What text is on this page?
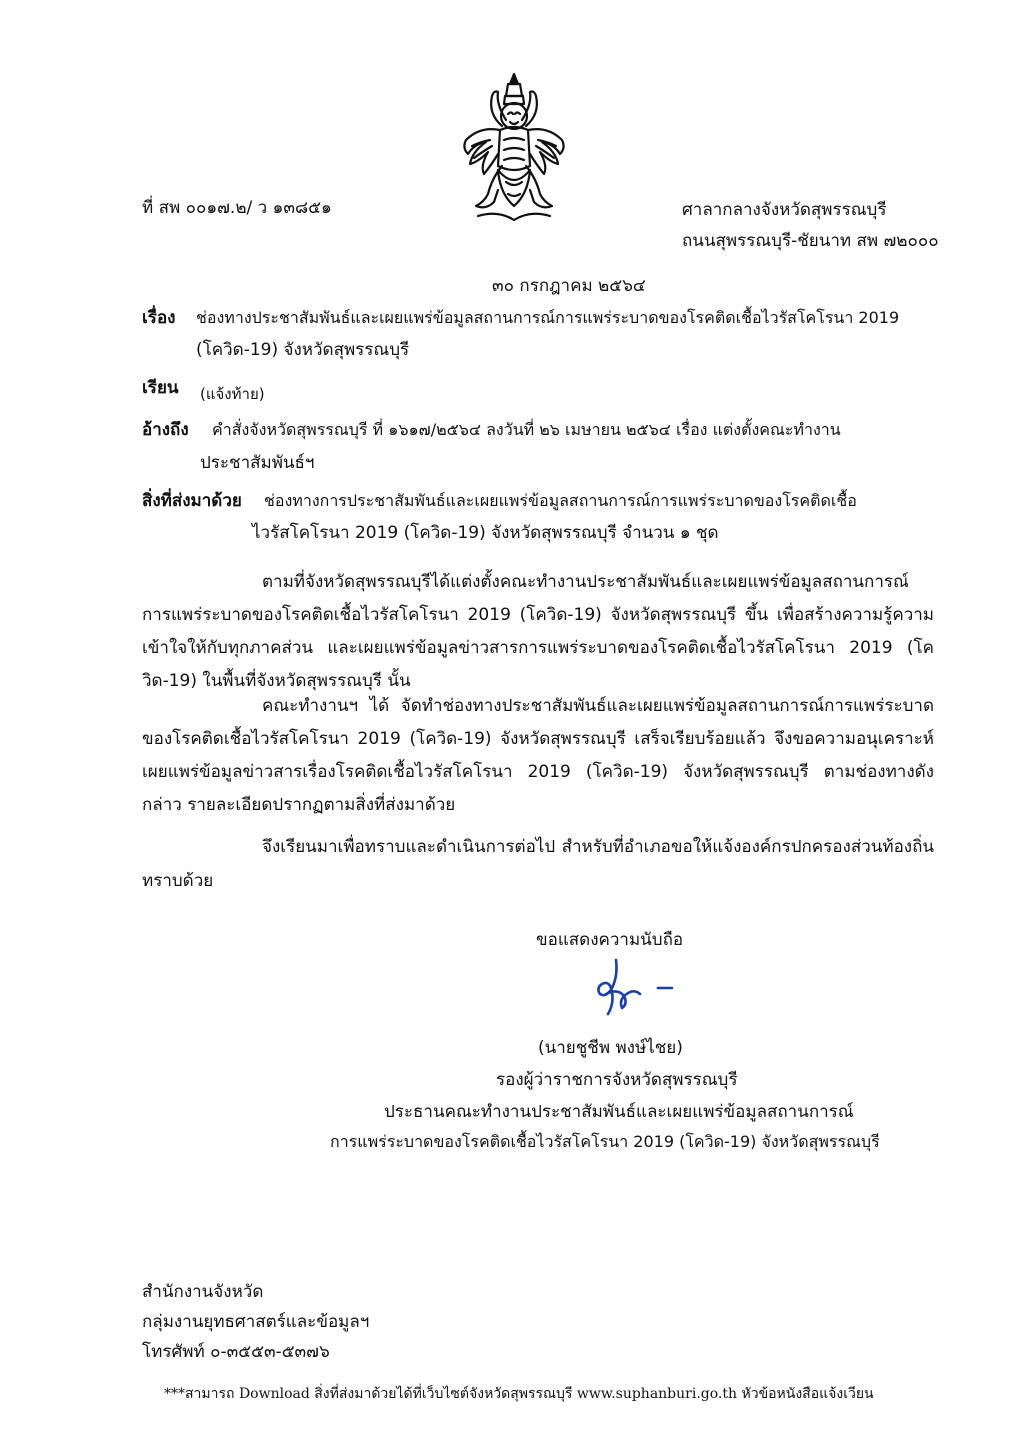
ที่ สพ ๐๐๑๗.๒/ ว ๑๓๘๕๑	ศาลากลางจังหวัดสุพรรณบุรี
ถนนสุพรรณบุรี-ชัยนาท สพ ๗๒๐๐๐
๓๐ กรกฎาคม ๒๕๖๔
เรื่อง ช่องทางประชาสัมพันธ์และเผยแพร่ข้อมูลสถานการณ์การแพร่ระบาดของโรคติดเชื้อไวรัสโคโรนา 2019
(โควิด-19) จังหวัดสุพรรณบุรี
เรียน (แจ้งท้าย)
อ้างถึง คำสั่งจังหวัดสุพรรณบุรี ที่ ๑๖๑๗/๒๕๖๔ ลงวันที่ ๒๖ เมษายน ๒๕๖๔ เรื่อง แต่งตั้งคณะทำงาน
ประชาสัมพันธ์ฯ
สิ่งที่ส่งมาด้วย ช่องทางการประชาสัมพันธ์และเผยแพร่ข้อมูลสถานการณ์การแพร่ระบาดของโรคติดเชื้อ
ไวรัสโคโรนา 2019 (โควิด-19) จังหวัดสุพรรณบุรี จำนวน ๑ ชุด
ตามที่จังหวัดสุพรรณบุรีได้แต่งตั้งคณะทำงานประชาสัมพันธ์และเผยแพร่ข้อมูลสถานการณ์การแพร่ระบาดของโรคติดเชื้อไวรัสโคโรนา 2019 (โควิด-19) จังหวัดสุพรรณบุรี ขึ้น เพื่อสร้างความรู้ความเข้าใจให้กับทุกภาคส่วน และเผยแพร่ข้อมูลข่าวสารการแพร่ระบาดของโรคติดเชื้อไวรัสโคโรนา 2019 (โควิด-19) ในพื้นที่จังหวัดสุพรรณบุรี นั้น
คณะทำงานฯ ได้ จัดทำช่องทางประชาสัมพันธ์และเผยแพร่ข้อมูลสถานการณ์การแพร่ระบาดของโรคติดเชื้อไวรัสโคโรนา 2019 (โควิด-19) จังหวัดสุพรรณบุรี เสร็จเรียบร้อยแล้ว จึงขอความอนุเคราะห์เผยแพร่ข้อมูลข่าวสารเรื่องโรคติดเชื้อไวรัสโคโรนา 2019 (โควิด-19) จังหวัดสุพรรณบุรี ตามช่องทางดังกล่าว รายละเอียดปรากฏตามสิ่งที่ส่งมาด้วย
จึงเรียนมาเพื่อทราบและดำเนินการต่อไป สำหรับที่อำเภอขอให้แจ้งองค์กรปกครองส่วนท้องถิ่นทราบด้วย
ขอแสดงความนับถือ
(นายชูชีพ พงษ์ไชย)
รองผู้ว่าราชการจังหวัดสุพรรณบุรี
ประธานคณะทำงานประชาสัมพันธ์และเผยแพร่ข้อมูลสถานการณ์
การแพร่ระบาดของโรคติดเชื้อไวรัสโคโรนา 2019 (โควิด-19) จังหวัดสุพรรณบุรี
สำนักงานจังหวัด
กลุ่มงานยุทธศาสตร์และข้อมูลฯ
โทรศัพท์ ๐-๓๕๕๓-๕๓๗๖
***สามารถ Download สิ่งที่ส่งมาด้วยได้ที่เว็บไซต์จังหวัดสุพรรณบุรี www.suphanburi.go.th หัวข้อหนังสือแจ้งเวียน
